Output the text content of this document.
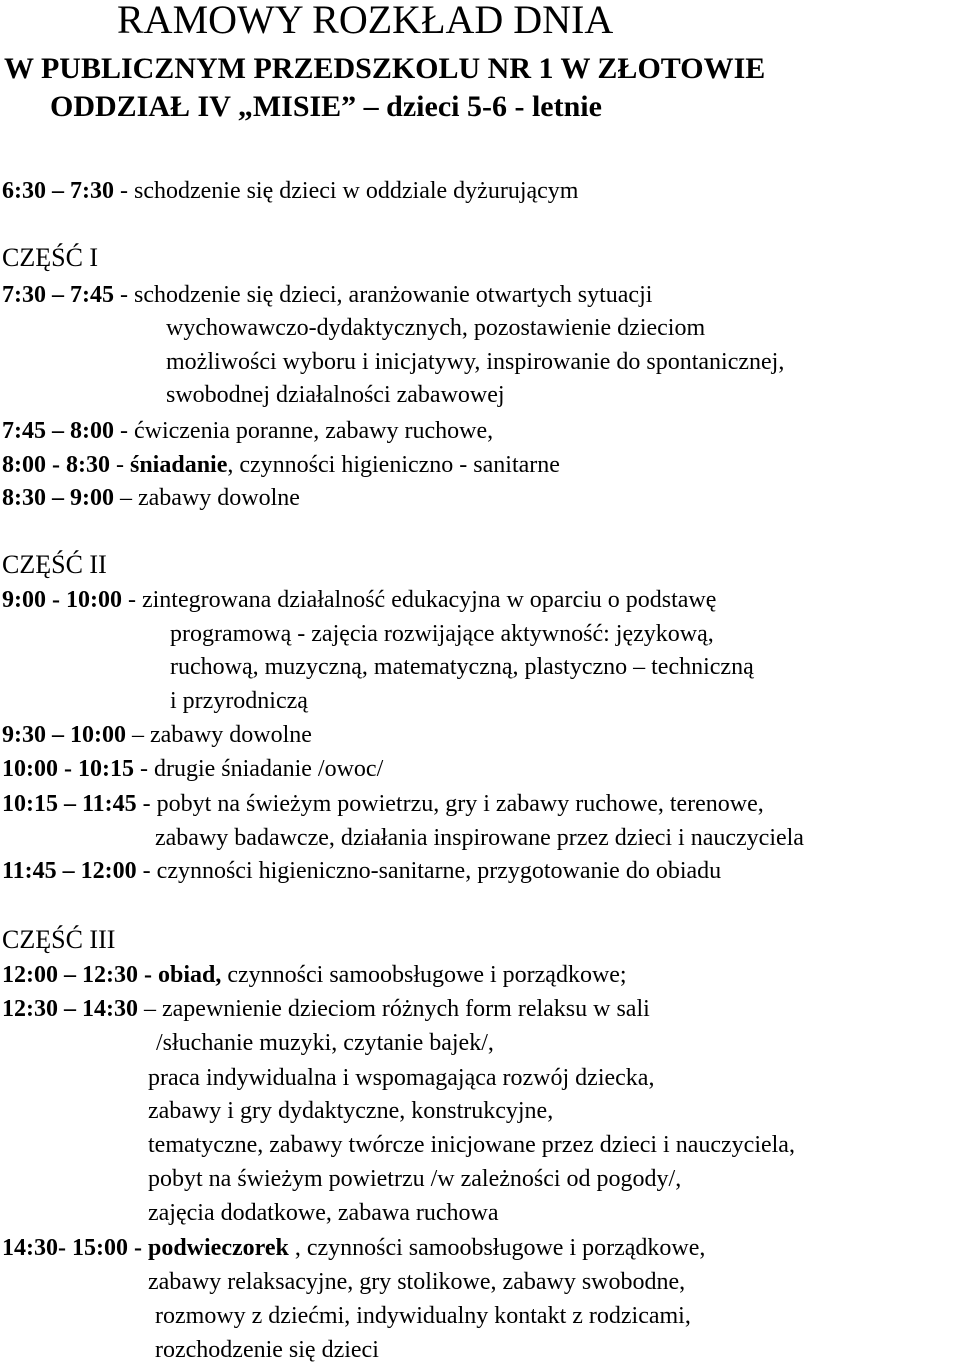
RAMOWY ROZKŁAD DNIA
W PUBLICZNYM PRZEDSZKOLU NR 1 W ZŁOTOWIE
ODDZIAŁ IV „MISIE” – dzieci 5-6 - letnie
6:30 – 7:30 - schodzenie się dzieci w oddziale dyżurującym
CZĘŚĆ I
7:30 – 7:45 - schodzenie się dzieci, aranżowanie otwartych sytuacji
wychowawczo-dydaktycznych, pozostawienie dzieciom
możliwości wyboru i inicjatywy, inspirowanie do spontanicznej,
swobodnej działalności zabawowej
7:45 – 8:00 - ćwiczenia poranne, zabawy ruchowe,
8:00 - 8:30 - śniadanie, czynności higieniczno - sanitarne
8:30 – 9:00 – zabawy dowolne
CZĘŚĆ II
9:00 - 10:00 - zintegrowana działalność edukacyjna w oparciu o podstawę
programową - zajęcia rozwijające aktywność: językową,
ruchową, muzyczną, matematyczną, plastyczno – techniczną
i przyrodniczą
9:30 – 10:00 – zabawy dowolne
10:00 - 10:15 - drugie śniadanie /owoc/
10:15 – 11:45 - pobyt na świeżym powietrzu, gry i zabawy ruchowe, terenowe,
zabawy badawcze, działania inspirowane przez dzieci i nauczyciela
11:45 – 12:00 - czynności higieniczno-sanitarne, przygotowanie do obiadu
CZĘŚĆ III
12:00 – 12:30 - obiad, czynności samoobsługowe i porządkowe;
12:30 – 14:30 – zapewnienie dzieciom różnych form relaksu w sali
/słuchanie muzyki, czytanie bajek/,
praca indywidualna i wspomagająca rozwój dziecka,
zabawy i gry dydaktyczne, konstrukcyjne,
tematyczne, zabawy twórcze inicjowane przez dzieci i nauczyciela,
pobyt na świeżym powietrzu /w zależności od pogody/,
zajęcia dodatkowe, zabawa ruchowa
14:30- 15:00 - podwieczorek , czynności samoobsługowe i porządkowe,
zabawy relaksacyjne, gry stolikowe, zabawy swobodne,
rozmowy z dziećmi, indywidualny kontakt z rodzicami,
rozchodzenie się dzieci
